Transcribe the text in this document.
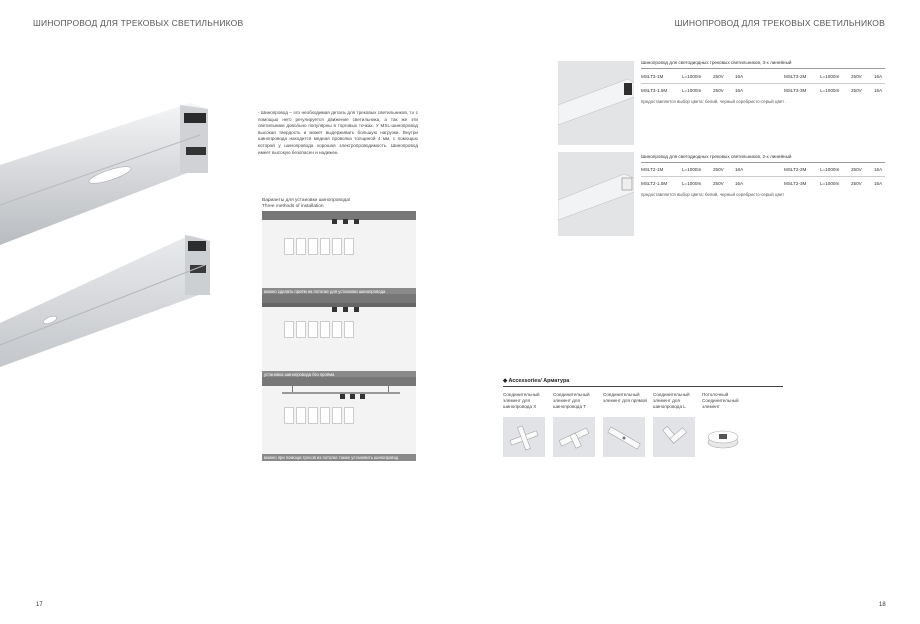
ШИНОПРОВОД ДЛЯ ТРЕКОВЫХ СВЕТИЛЬНИКОВ	ШИНОПРОВОД ДЛЯ ТРЕКОВЫХ СВЕТИЛЬНИКОВ
- Шинопровод – это необходимая деталь для трековых светильников, т.к с помощью него регулируется движение светильника, а так же эти светильники довольно популярны в торговых точках. У MSL-шинопровод высокая твердость и может выдерживать большую нагрузки. Внутри шинопровода находится медная проволка толщиной 4 мм, с помощью которой у шинопровода хорошая электропроводимость. Шинопровод имеет высокую безопасен и надежен.
Варианты для установки шинопровода/
Three methods of installation
можно сделать проём на потолке для установки шинопровода
установка шинопровода без проёма
можно при помощи тросов из потолке также установить шинопровод
Шинопровод для светодиодных трековых светильников, 3-х линейный
MSLT3-1M	L=1000m	250V 16A	MSLT3-2M	L=1000m	250V	16A
MSLT3-1.5M	L=1000m	250V 16A	MSLT3-3M	L=1000m	250V	16A
предоставляется выбор цвета: белий, черный серебристо-серый цвет .
Шинопровод для светодиодных трековых светильников, 2-х линейный
MSLT2-1M	L=1000m	250V 16A	MSLT2-2M	L=1000m	250V	16A
MSLT2-1.5M	L=1000m	250V 16A	MSLT2-3M	L=1000m	250V	16A
предоставляется выбор цвета: белий, черный серебристо-серый цвет
◆ Accessories/ Арматура
Соединительный элемент для шинопровода X
Соединительный элемент для шинопровода T
Соединительный элемент для прямой
Соединительный элемент для шинопровода L
Потолочный Соединительный элемент
17	18
